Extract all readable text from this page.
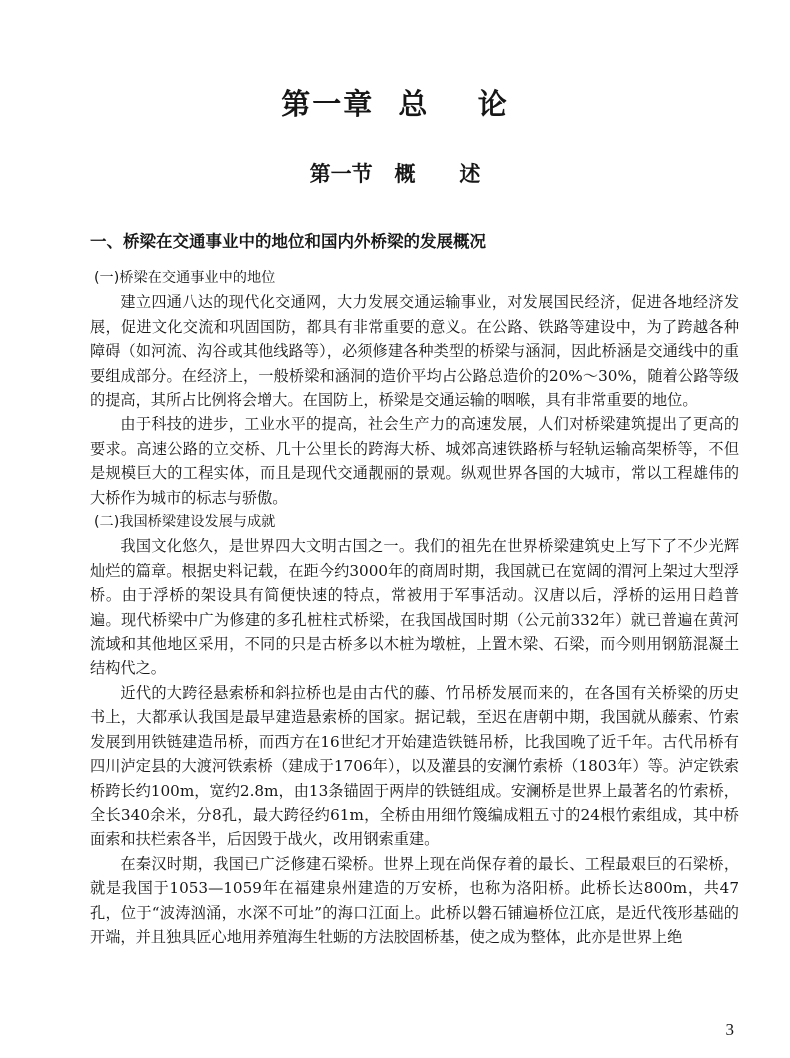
第一章  总    论
第一节   概      述
一、桥梁在交通事业中的地位和国内外桥梁的发展概况
(一)桥梁在交通事业中的地位

建立四通八达的现代化交通网，大力发展交通运输事业，对发展国民经济，促进各地经济发展，促进文化交流和巩固国防，都具有非常重要的意义。在公路、铁路等建设中，为了跨越各种障碍（如河流、沟谷或其他线路等），必须修建各种类型的桥梁与涵洞，因此桥涵是交通线中的重要组成部分。在经济上，一般桥梁和涵洞的造价平均占公路总造价的20%～30%，随着公路等级的提高，其所占比例将会增大。在国防上，桥梁是交通运输的咽喉，具有非常重要的地位。

由于科技的进步，工业水平的提高，社会生产力的高速发展，人们对桥梁建筑提出了更高的要求。高速公路的立交桥、几十公里长的跨海大桥、城郊高速铁路桥与轻轨运输高架桥等，不但是规模巨大的工程实体，而且是现代交通靓丽的景观。纵观世界各国的大城市，常以工程雄伟的大桥作为城市的标志与骄傲。

(二)我国桥梁建设发展与成就

我国文化悠久，是世界四大文明古国之一。我们的祖先在世界桥梁建筑史上写下了不少光辉灿烂的篇章。根据史料记载，在距今约3000年的商周时期，我国就已在宽阔的渭河上架过大型浮桥。由于浮桥的架设具有简便快速的特点，常被用于军事活动。汉唐以后，浮桥的运用日趋普遍。现代桥梁中广为修建的多孔桩柱式桥梁，在我国战国时期（公元前332年）就已普遍在黄河流域和其他地区采用，不同的只是古桥多以木桩为墩桩，上置木梁、石梁，而今则用钢筋混凝土结构代之。

近代的大跨径悬索桥和斜拉桥也是由古代的藤、竹吊桥发展而来的，在各国有关桥梁的历史书上，大都承认我国是最早建造悬索桥的国家。据记载，至迟在唐朝中期，我国就从藤索、竹索发展到用铁链建造吊桥，而西方在16世纪才开始建造铁链吊桥，比我国晚了近千年。古代吊桥有四川泸定县的大渡河铁索桥（建成于1706年），以及灌县的安澜竹索桥（1803年）等。泸定铁索桥跨长约100m，宽约2.8m，由13条锚固于两岸的铁链组成。安澜桥是世界上最著名的竹索桥，全长340余米，分8孔，最大跨径约61m，全桥由用细竹篾编成粗五寸的24根竹索组成，其中桥面索和扶栏索各半，后因毁于战火，改用钢索重建。

在秦汉时期，我国已广泛修建石梁桥。世界上现在尚保存着的最长、工程最艰巨的石梁桥，就是我国于1053—1059年在福建泉州建造的万安桥，也称为洛阳桥。此桥长达800m，共47孔，位于“波涛汹涌，水深不可址”的海口江面上。此桥以磐石铺遍桥位江底，是近代筏形基础的开端，并且独具匠心地用养殖海生牡蛎的方法胶固桥基，使之成为整体，此亦是世界上绝

3
